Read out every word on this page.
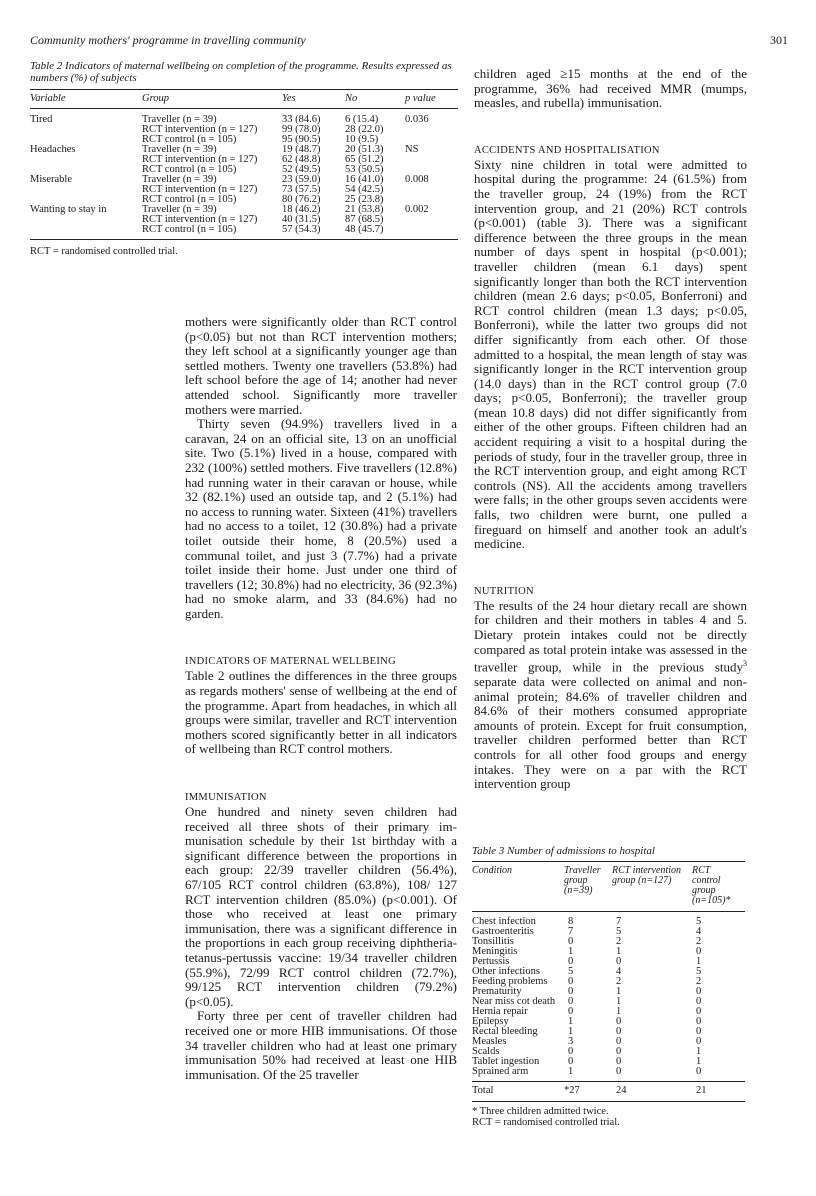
Community mothers' programme in travelling community	301
Table 2 Indicators of maternal wellbeing on completion of the programme. Results expressed as numbers (%) of subjects
Variable	Group	Yes	No	p value
Tired	Traveller (n = 39)	33 (84.6)	6 (15.4)	0.036
	RCT intervention (n = 127)	99 (78.0)	28 (22.0)	
	RCT control (n = 105)	95 (90.5)	10 (9.5)	
Headaches	Traveller (n = 39)	19 (48.7)	20 (51.3)	NS
	RCT intervention (n = 127)	62 (48.8)	65 (51.2)	
	RCT control (n = 105)	52 (49.5)	53 (50.5)	
Miserable	Traveller (n = 39)	23 (59.0)	16 (41.0)	0.008
	RCT intervention (n = 127)	73 (57.5)	54 (42.5)	
	RCT control (n = 105)	80 (76.2)	25 (23.8)	
Wanting to stay in	Traveller (n = 39)	18 (46.2)	21 (53.8)	0.002
	RCT intervention (n = 127)	40 (31.5)	87 (68.5)	
	RCT control (n = 105)	57 (54.3)	48 (45.7)	
RCT = randomised controlled trial.

mothers were significantly older than RCT control (p<0.05) but not than RCT intervention mothers; they left school at a significantly younger age than settled mothers. Twenty one travellers (53.8%) had left school before the age of 14; another had never attended school. Significantly more traveller mothers were married.

Thirty seven (94.9%) travellers lived in a caravan, 24 on an official site, 13 on an unofficial site. Two (5.1%) lived in a house, compared with 232 (100%) settled mothers. Five travellers (12.8%) had running water in their caravan or house, while 32 (82.1%) used an outside tap, and 2 (5.1%) had no access to running water. Sixteen (41%) travellers had no access to a toilet, 12 (30.8%) had a private toilet outside their home, 8 (20.5%) used a communal toilet, and just 3 (7.7%) had a private toilet inside their home. Just under one third of travellers (12; 30.8%) had no electricity, 36 (92.3%) had no smoke alarm, and 33 (84.6%) had no garden.

INDICATORS OF MATERNAL WELLBEING

Table 2 outlines the differences in the three groups as regards mothers' sense of wellbeing at the end of the programme. Apart from headaches, in which all groups were similar, traveller and RCT intervention mothers scored significantly better in all indicators of wellbeing than RCT control mothers.

IMMUNISATION

One hundred and ninety seven children had received all three shots of their primary immunisation schedule by their 1st birthday with a significant difference between the proportions in each group: 22/39 traveller children (56.4%), 67/105 RCT control children (63.8%), 108/ 127 RCT intervention children (85.0%) (p<0.001). Of those who received at least one primary immunisation, there was a significant difference in the proportions in each group receiving diphtheria-tetanus-pertussis vaccine: 19/34 traveller children (55.9%), 72/99 RCT control children (72.7%), 99/125 RCT intervention children (79.2%) (p<0.05).

Forty three per cent of traveller children had received one or more HIB immunisations. Of those 34 traveller children who had at least one primary immunisation 50% had received at least one HIB immunisation. Of the 25 traveller

children aged ≥15 months at the end of the programme, 36% had received MMR (mumps, measles, and rubella) immunisation.

ACCIDENTS AND HOSPITALISATION

Sixty nine children in total were admitted to hospital during the programme: 24 (61.5%) from the traveller group, 24 (19%) from the RCT intervention group, and 21 (20%) RCT controls (p<0.001) (table 3). There was a significant difference between the three groups in the mean number of days spent in hospital (p<0.001); traveller children (mean 6.1 days) spent significantly longer than both the RCT intervention children (mean 2.6 days; p<0.05, Bonferroni) and RCT control children (mean 1.3 days; p<0.05, Bonferroni), while the latter two groups did not differ significantly from each other. Of those admitted to a hospital, the mean length of stay was significantly longer in the RCT intervention group (14.0 days) than in the RCT control group (7.0 days; p<0.05, Bonferroni); the traveller group (mean 10.8 days) did not differ significantly from either of the other groups. Fifteen children had an accident requiring a visit to a hospital during the periods of study, four in the traveller group, three in the RCT intervention group, and eight among RCT controls (NS). All the accidents among travellers were falls; in the other groups seven accidents were falls, two children were burnt, one pulled a fireguard on himself and another took an adult's medicine.

NUTRITION

The results of the 24 hour dietary recall are shown for children and their mothers in tables 4 and 5. Dietary protein intakes could not be directly compared as total protein intake was assessed in the traveller group, while in the previous study$^3$ separate data were collected on animal and non-animal protein; 84.6% of traveller children and 84.6% of their mothers consumed appropriate amounts of protein. Except for fruit consumption, traveller children performed better than RCT controls for all other food groups and energy intakes. They were on a par with the RCT intervention group

Table 3 Number of admissions to hospital
Condition	Traveller group (n=39)	RCT intervention group (n=127)	RCT control group (n=105)*
Chest infection	8	7	5
Gastroenteritis	7	5	4
Tonsillitis	0	2	2
Meningitis	1	1	0
Pertussis	0	0	1
Other infections	5	4	5
Feeding problems	0	2	2
Prematurity	0	1	0
Near miss cot death	0	1	0
Hernia repair	0	1	0
Epilepsy	1	0	0
Rectal bleeding	1	0	0
Measles	3	0	0
Scalds	0	0	1
Tablet ingestion	0	0	1
Sprained arm	1	0	0
Total	*27	24	21
* Three children admitted twice.
RCT = randomised controlled trial.
